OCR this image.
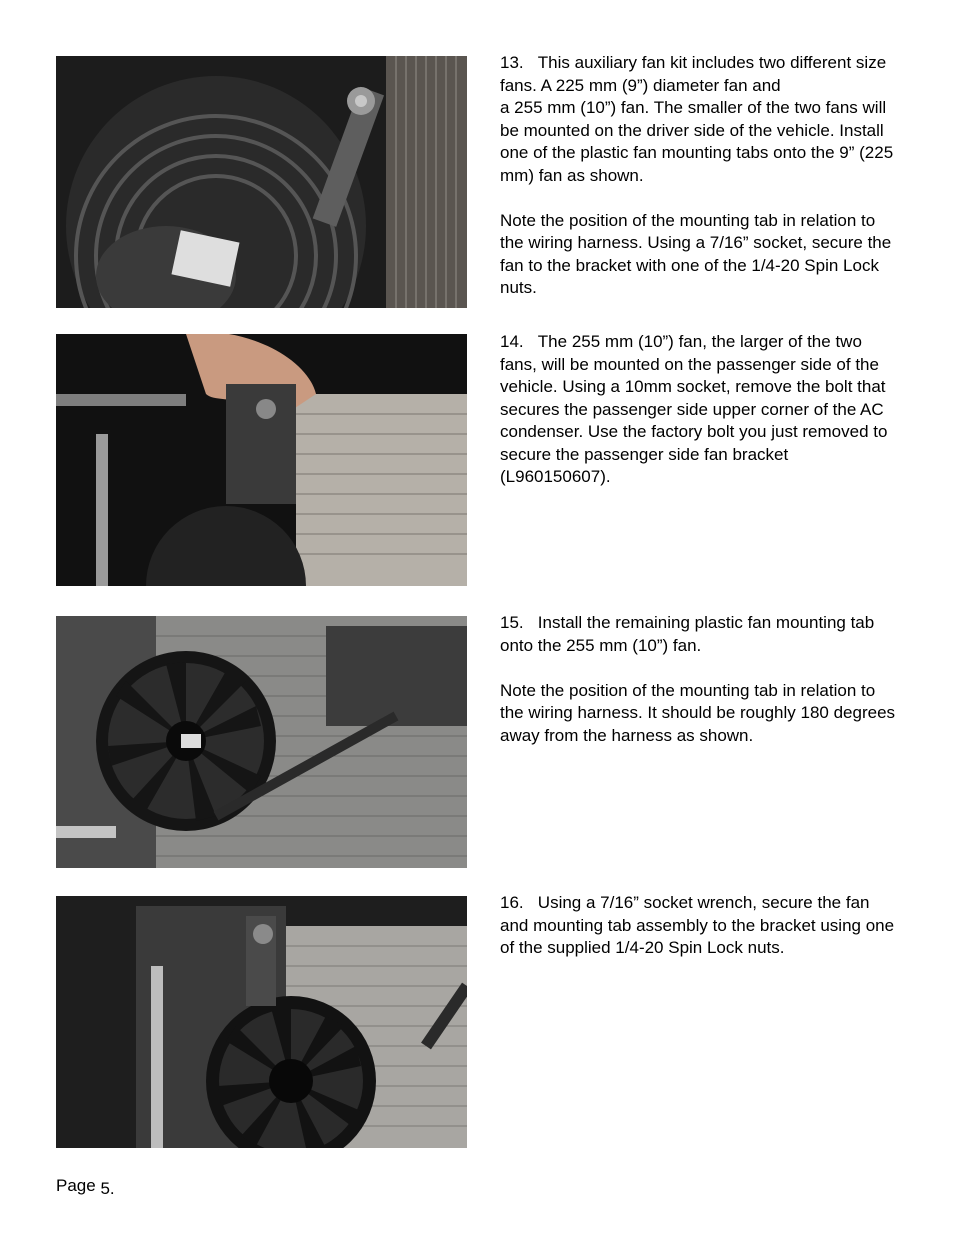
13.   This auxiliary fan kit includes two different size fans. A 225 mm (9”) diameter fan and
a 255 mm (10”) fan. The smaller of the two fans will be mounted on the driver side of the vehicle. Install one of the plastic fan mounting tabs onto the 9” (225 mm) fan as shown.

Note the position of the mounting tab in relation to the wiring harness. Using a 7/16” socket, secure the fan to the bracket with one of the 1/4-20 Spin Lock nuts.

14.   The 255 mm (10”) fan, the larger of the two fans, will be mounted on the passenger side of the vehicle. Using a 10mm socket, remove the bolt that secures the passenger side upper corner of the AC condenser. Use the factory bolt you just removed to secure the passenger side fan bracket (L960150607).

15.   Install the remaining plastic fan mounting tab onto the 255 mm (10”) fan.

Note the position of the mounting tab in relation to the wiring harness. It should be roughly 180 degrees away from the harness as shown.

16.   Using a 7/16” socket wrench, secure the fan and mounting tab assembly to the bracket using one of the supplied 1/4-20 Spin Lock nuts.

Page 5.
